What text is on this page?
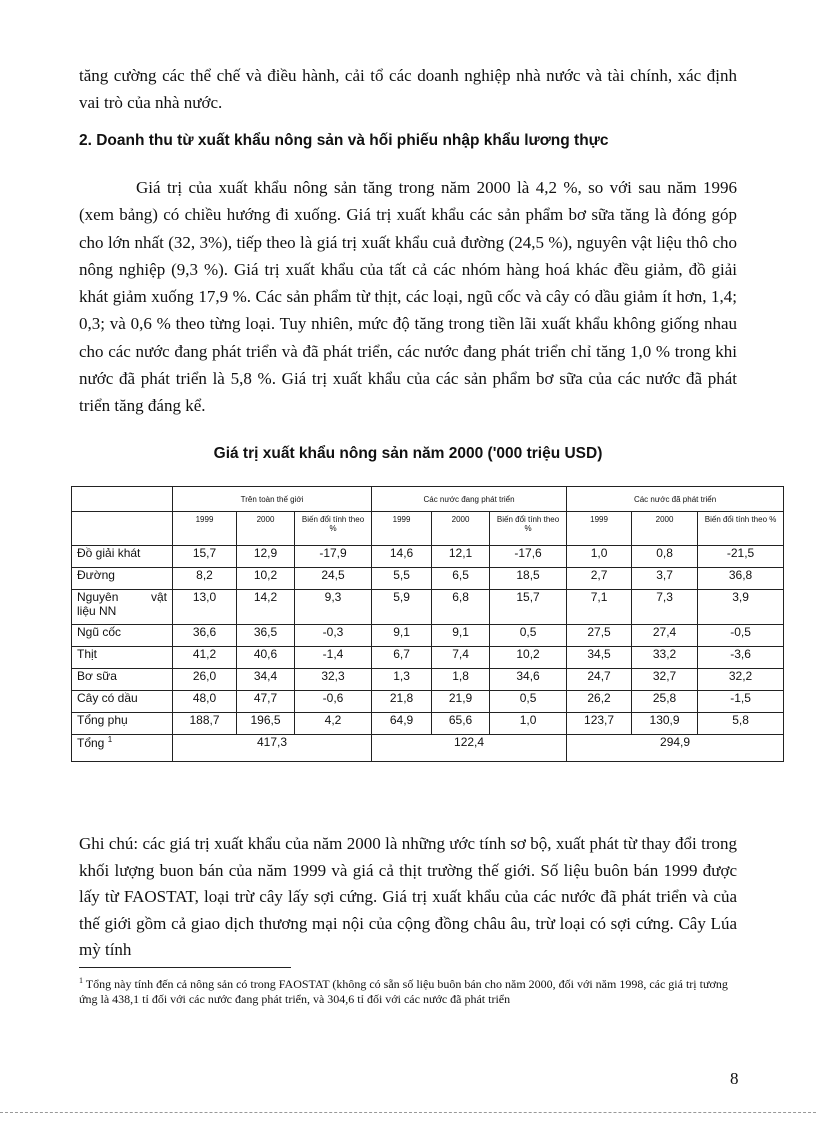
tăng cường các thể chế và điều hành, cải tổ các doanh nghiệp nhà nước và tài chính, xác định vai trò của nhà nước.

2. Doanh thu từ xuất khẩu nông sản và hối phiếu nhập khẩu lương thực

Giá trị của xuất khẩu nông sản tăng trong năm 2000 là 4,2 %, so với sau năm 1996 (xem bảng) có chiều hướng đi xuống. Giá trị xuất khẩu các sản phẩm bơ sữa tăng là đóng góp cho lớn nhất (32, 3%), tiếp theo là giá trị xuất khẩu cuả đường (24,5 %), nguyên vật liệu thô cho nông nghiệp (9,3 %). Giá trị xuất khẩu của tất cả các nhóm hàng hoá khác đều giảm, đồ giải khát giảm xuống 17,9 %. Các sản phẩm từ thịt, các loại, ngũ cốc và cây có dầu giảm ít hơn, 1,4; 0,3; và 0,6 % theo từng loại. Tuy nhiên, mức độ tăng trong tiền lãi xuất khẩu không giống nhau cho các nước đang phát triển và đã phát triển, các nước đang phát triển chỉ tăng 1,0 % trong khi nước đã phát triển là 5,8 %. Giá trị xuất khẩu của các sản phẩm bơ sữa của các nước đã phát triển tăng đáng kể.

Giá trị xuất khẩu nông sản năm 2000 ('000 triệu USD)
	Trên toàn thế giới			Các nước đang phát triển			Các nước đã phát triển		
	1999	2000	Biến đổi tính theo %	1999	2000	Biến đổi tính theo %	1999	2000	Biến đổi tính theo %
Đồ giải khát	15,7	12,9	-17,9	14,6	12,1	-17,6	1,0	0,8	-21,5
Đường	8,2	10,2	24,5	5,5	6,5	18,5	2,7	3,7	36,8

Nguyên vật
liệu NN	13,0	14,2	9,3	5,9	6,8	15,7	7,1	7,3	3,9
Ngũ cốc	36,6	36,5	-0,3	9,1	9,1	0,5	27,5	27,4	-0,5
Thịt	41,2	40,6	-1,4	6,7	7,4	10,2	34,5	33,2	-3,6
Bơ sữa	26,0	34,4	32,3	1,3	1,8	34,6	24,7	32,7	32,2
Cây có dầu	48,0	47,7	-0,6	21,8	21,9	0,5	26,2	25,8	-1,5
Tổng phụ	188,7	196,5	4,2	64,9	65,6	1,0	123,7	130,9	5,8
Tổng $^1$	417,3			122,4			294,9		

Ghi chú: các giá trị xuất khẩu của năm 2000 là những ước tính sơ bộ, xuất phát từ thay đổi trong khối lượng buon bán của năm 1999 và giá cả thịt trường thế giới. Số liệu buôn bán 1999 được lấy từ FAOSTAT, loại trừ cây lấy sợi cứng. Giá trị xuất khẩu của các nước đã phát triển và của thế giới gồm cả giao dịch thương mại nội của cộng đồng châu âu, trừ loại có sợi cứng. Cây Lúa mỳ tính

$^1$ Tổng này tính đến cả nông sản có trong FAOSTAT (không có sẵn số liệu buôn bán cho năm 2000, đối với năm 1998, các giá trị tương ứng là 438,1 tỉ đối với các nước đang phát triển, và 304,6 tỉ đối với các nước đã phát triển

8
